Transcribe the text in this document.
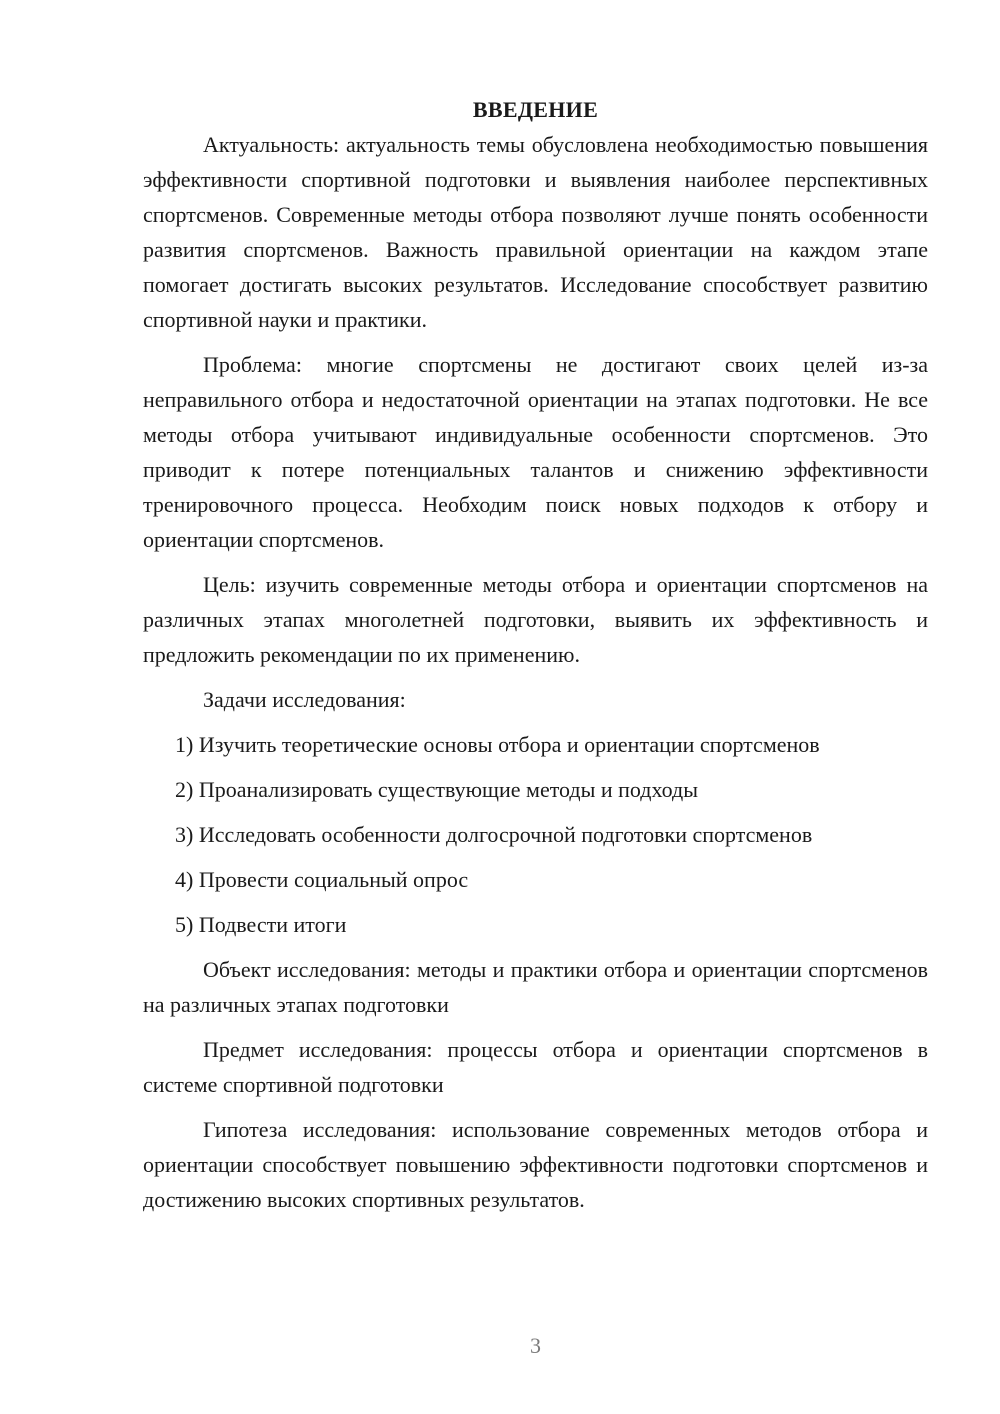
ВВЕДЕНИЕ

Актуальность: актуальность темы обусловлена необходимостью повышения эффективности спортивной подготовки и выявления наиболее перспективных спортсменов. Современные методы отбора позволяют лучше понять особенности развития спортсменов. Важность правильной ориентации на каждом этапе помогает достигать высоких результатов. Исследование способствует развитию спортивной науки и практики.

Проблема: многие спортсмены не достигают своих целей из-за неправильного отбора и недостаточной ориентации на этапах подготовки. Не все методы отбора учитывают индивидуальные особенности спортсменов. Это приводит к потере потенциальных талантов и снижению эффективности тренировочного процесса. Необходим поиск новых подходов к отбору и ориентации спортсменов.

Цель: изучить современные методы отбора и ориентации спортсменов на различных этапах многолетней подготовки, выявить их эффективность и предложить рекомендации по их применению.

Задачи исследования:

1) Изучить теоретические основы отбора и ориентации спортсменов
2) Проанализировать существующие методы и подходы
3) Исследовать особенности долгосрочной подготовки спортсменов
4) Провести социальный опрос
5) Подвести итоги

Объект исследования: методы и практики отбора и ориентации спортсменов на различных этапах подготовки

Предмет исследования: процессы отбора и ориентации спортсменов в системе спортивной подготовки

Гипотеза исследования: использование современных методов отбора и ориентации способствует повышению эффективности подготовки спортсменов и достижению высоких спортивных результатов.

3
